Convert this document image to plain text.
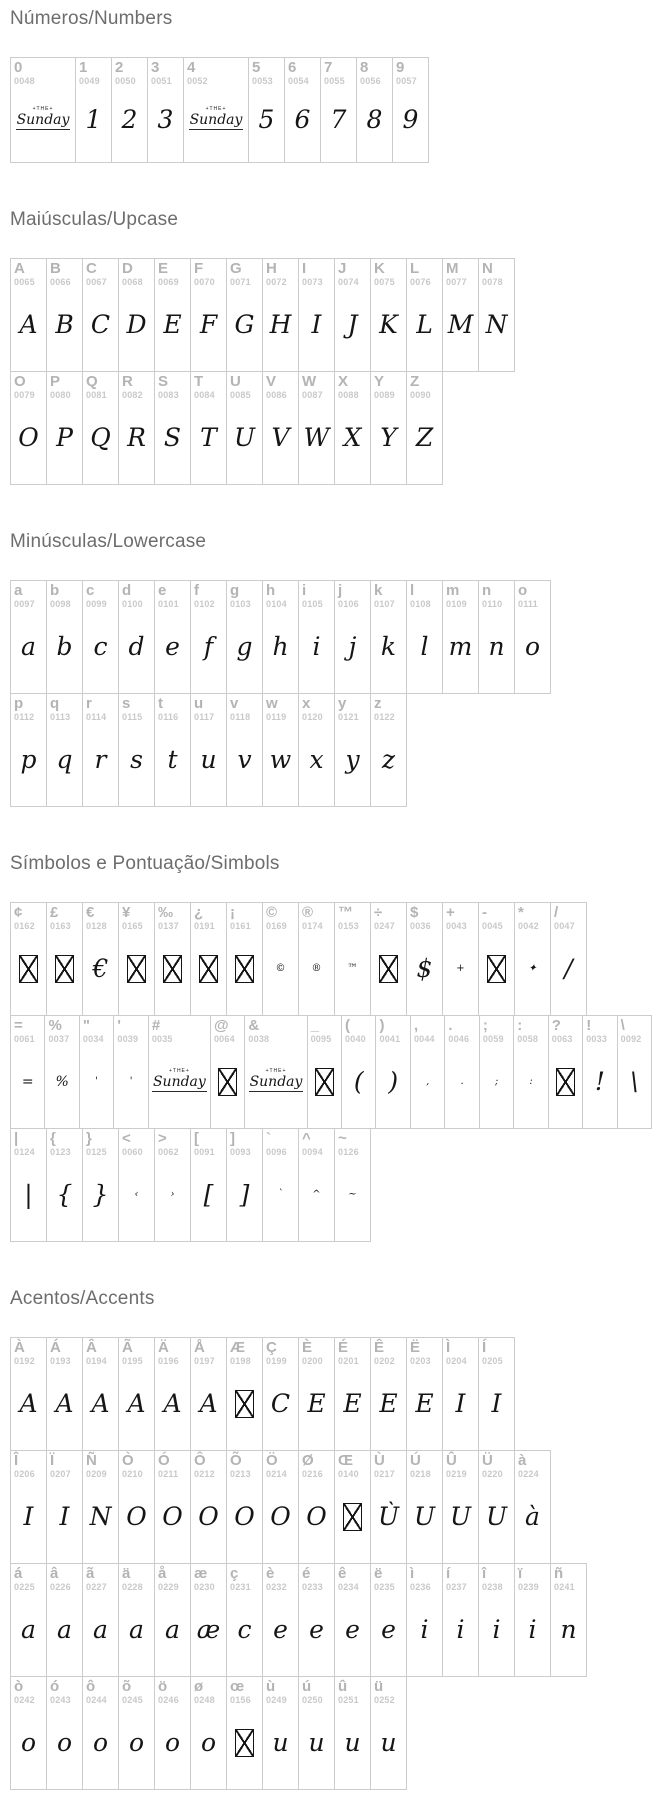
Números/Numbers
0
0048
+THE+
Sunday
1
0049
1
2
0050
2
3
0051
3
4
0052
+THE+
Sunday
5
0053
5
6
0054
6
7
0055
7
8
0056
8
9
0057
9
Maiúsculas/Upcase
A
0065
A
B
0066
B
C
0067
C
D
0068
D
E
0069
E
F
0070
F
G
0071
G
H
0072
H
I
0073
I
J
0074
J
K
0075
K
L
0076
L
M
0077
M
N
0078
N
O
0079
O
P
0080
P
Q
0081
Q
R
0082
R
S
0083
S
T
0084
T
U
0085
U
V
0086
V
W
0087
W
X
0088
X
Y
0089
Y
Z
0090
Z
Minúsculas/Lowercase
a
0097
a
b
0098
b
c
0099
c
d
0100
d
e
0101
e
f
0102
f
g
0103
g
h
0104
h
i
0105
i
j
0106
j
k
0107
k
l
0108
l
m
0109
m
n
0110
n
o
0111
o
p
0112
p
q
0113
q
r
0114
r
s
0115
s
t
0116
t
u
0117
u
v
0118
v
w
0119
w
x
0120
x
y
0121
y
z
0122
z
Símbolos e Pontuação/Simbols
¢
0162
£
0163
€
0128
€
¥
0165
‰
0137
¿
0191
¡
0161
©
0169
©
®
0174
®
™
0153
™
÷
0247
$
0036
$
+
0043
+
-
0045
*
0042
✦
/
0047
/
=
0061
=
%
0037
%
"
0034
'
'
0039
'
#
0035
+THE+
Sunday
@
0064
&
0038
+THE+
Sunday
_
0095
(
0040
(
)
0041
)
,
0044
,
.
0046
.
;
0059
;
:
0058
:
?
0063
!
0033
!
\
0092
\
|
0124
|
{
0123
{
}
0125
}
<
0060
‹
>
0062
›
[
0091
[
]
0093
]
`
0096
`
^
0094
^
~
0126
~
Acentos/Accents
À
0192
A
Á
0193
A
Â
0194
A
Ã
0195
A
Ä
0196
A
Å
0197
A
Æ
0198
Ç
0199
C
È
0200
E
É
0201
E
Ê
0202
E
Ë
0203
E
Ì
0204
I
Í
0205
I
Î
0206
I
Ï
0207
I
Ñ
0209
N
Ò
0210
O
Ó
0211
O
Ô
0212
O
Õ
0213
O
Ö
0214
O
Ø
0216
O
Œ
0140
Ù
0217
Ù
Ú
0218
U
Û
0219
U
Ü
0220
U
à
0224
à
á
0225
a
â
0226
a
ã
0227
a
ä
0228
a
å
0229
a
æ
0230
æ
ç
0231
c
è
0232
e
é
0233
e
ê
0234
e
ë
0235
e
ì
0236
i
í
0237
i
î
0238
i
ï
0239
i
ñ
0241
n
ò
0242
o
ó
0243
o
ô
0244
o
õ
0245
o
ö
0246
o
ø
0248
o
œ
0156
ù
0249
u
ú
0250
u
û
0251
u
ü
0252
u
